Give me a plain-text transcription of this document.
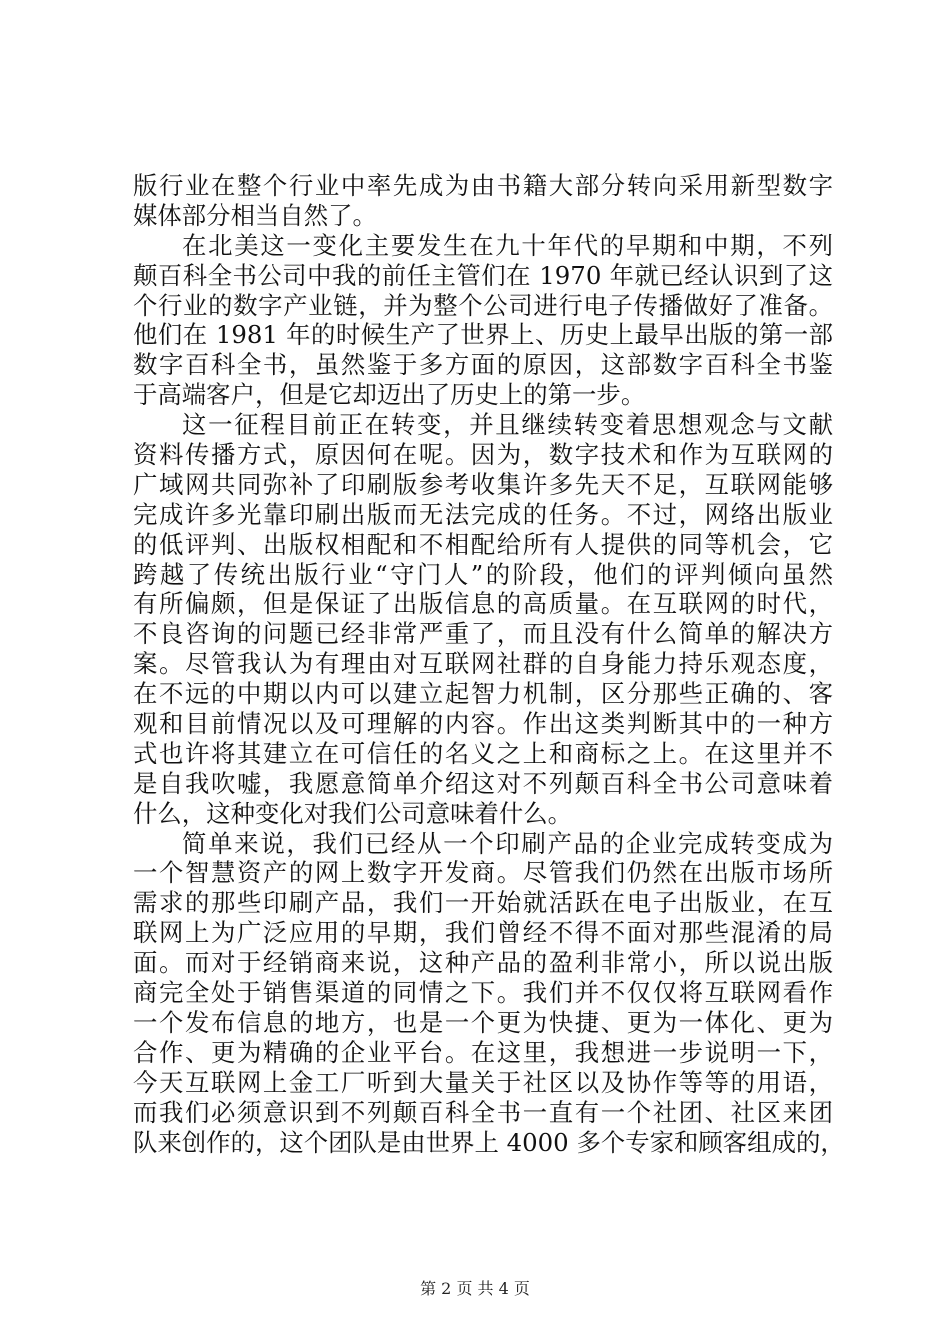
版行业在整个行业中率先成为由书籍大部分转向采用新型数字
媒体部分相当自然了。
在北美这一变化主要发生在九十年代的早期和中期，不列
颠百科全书公司中我的前任主管们在 1970 年就已经认识到了这
个行业的数字产业链，并为整个公司进行电子传播做好了准备。
他们在 1981 年的时候生产了世界上、历史上最早出版的第一部
数字百科全书，虽然鉴于多方面的原因，这部数字百科全书鉴
于高端客户，但是它却迈出了历史上的第一步。
这一征程目前正在转变，并且继续转变着思想观念与文献
资料传播方式，原因何在呢。因为，数字技术和作为互联网的
广域网共同弥补了印刷版参考收集许多先天不足，互联网能够
完成许多光靠印刷出版而无法完成的任务。不过，网络出版业
的低评判、出版权相配和不相配给所有人提供的同等机会，它
跨越了传统出版行业“守门人”的阶段，他们的评判倾向虽然
有所偏颇，但是保证了出版信息的高质量。在互联网的时代，
不良咨询的问题已经非常严重了，而且没有什么简单的解决方
案。尽管我认为有理由对互联网社群的自身能力持乐观态度，
在不远的中期以内可以建立起智力机制，区分那些正确的、客
观和目前情况以及可理解的内容。作出这类判断其中的一种方
式也许将其建立在可信任的名义之上和商标之上。在这里并不
是自我吹嘘，我愿意简单介绍这对不列颠百科全书公司意味着
什么，这种变化对我们公司意味着什么。
简单来说，我们已经从一个印刷产品的企业完成转变成为
一个智慧资产的网上数字开发商。尽管我们仍然在出版市场所
需求的那些印刷产品，我们一开始就活跃在电子出版业，在互
联网上为广泛应用的早期，我们曾经不得不面对那些混淆的局
面。而对于经销商来说，这种产品的盈利非常小，所以说出版
商完全处于销售渠道的同情之下。我们并不仅仅将互联网看作
一个发布信息的地方，也是一个更为快捷、更为一体化、更为
合作、更为精确的企业平台。在这里，我想进一步说明一下，
今天互联网上金工厂听到大量关于社区以及协作等等的用语，
而我们必须意识到不列颠百科全书一直有一个社团、社区来团
队来创作的，这个团队是由世界上 4000 多个专家和顾客组成的，
第 2 页 共 4 页
